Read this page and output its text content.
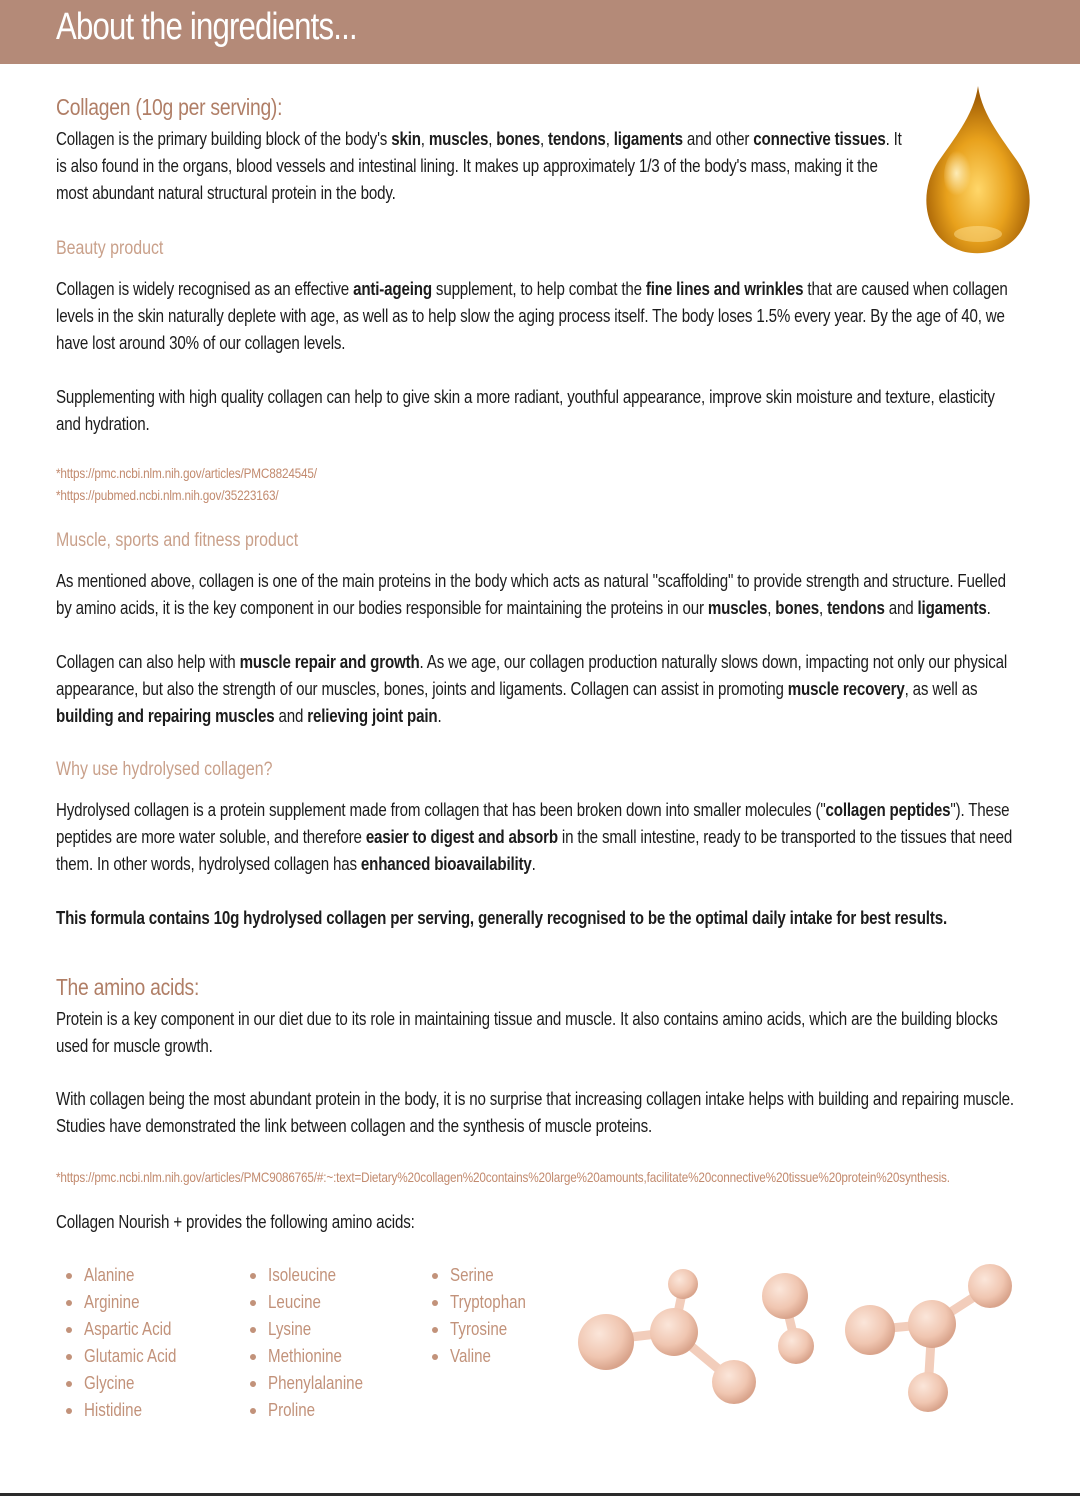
About the ingredients...
Collagen (10g per serving):

Collagen is the primary building block of the body's skin, muscles, bones, tendons, ligaments and other connective tissues. It is also found in the organs, blood vessels and intestinal lining. It makes up approximately 1/3 of the body's mass, making it the most abundant natural structural protein in the body.

Beauty product

Collagen is widely recognised as an effective anti-ageing supplement, to help combat the fine lines and wrinkles that are caused when collagen levels in the skin naturally deplete with age, as well as to help slow the aging process itself. The body loses 1.5% every year. By the age of 40, we have lost around 30% of our collagen levels.

Supplementing with high quality collagen can help to give skin a more radiant, youthful appearance, improve skin moisture and texture, elasticity and hydration.

*https://pmc.ncbi.nlm.nih.gov/articles/PMC8824545/
*https://pubmed.ncbi.nlm.nih.gov/35223163/
Muscle, sports and fitness product

As mentioned above, collagen is one of the main proteins in the body which acts as natural "scaffolding" to provide strength and structure. Fuelled by amino acids, it is the key component in our bodies responsible for maintaining the proteins in our muscles, bones, tendons and ligaments.

Collagen can also help with muscle repair and growth. As we age, our collagen production naturally slows down, impacting not only our physical appearance, but also the strength of our muscles, bones, joints and ligaments. Collagen can assist in promoting muscle recovery, as well as building and repairing muscles and relieving joint pain.

Why use hydrolysed collagen?

Hydrolysed collagen is a protein supplement made from collagen that has been broken down into smaller molecules ("collagen peptides"). These peptides are more water soluble, and therefore easier to digest and absorb in the small intestine, ready to be transported to the tissues that need them. In other words, hydrolysed collagen has enhanced bioavailability.

This formula contains 10g hydrolysed collagen per serving, generally recognised to be the optimal daily intake for best results.

The amino acids:

Protein is a key component in our diet due to its role in maintaining tissue and muscle. It also contains amino acids, which are the building blocks used for muscle growth.

With collagen being the most abundant protein in the body, it is no surprise that increasing collagen intake helps with building and repairing muscle. Studies have demonstrated the link between collagen and the synthesis of muscle proteins.

*https://pmc.ncbi.nlm.nih.gov/articles/PMC9086765/#:~:text=Dietary%20collagen%20contains%20large%20amounts,facilitate%20connective%20tissue%20protein%20synthesis.

Collagen Nourish + provides the following amino acids:

Alanine
Arginine
Aspartic Acid
Glutamic Acid
Glycine
Histidine
Isoleucine
Leucine
Lysine
Methionine
Phenylalanine
Proline
Serine
Tryptophan
Tyrosine
Valine
